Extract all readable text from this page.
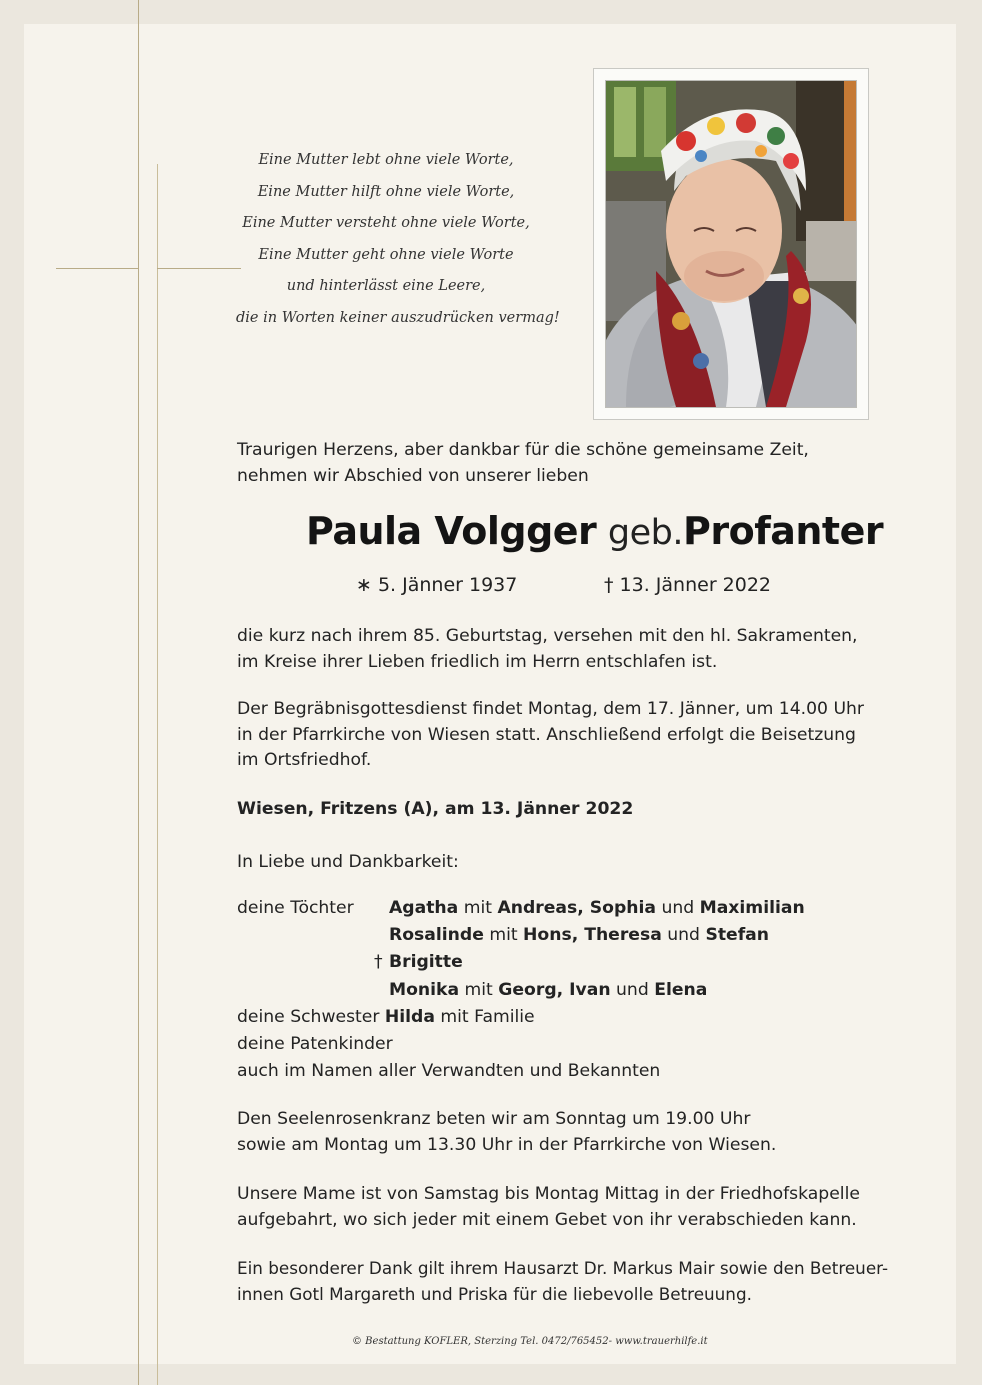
Eine Mutter lebt ohne viele Worte,
Eine Mutter hilft ohne viele Worte,
Eine Mutter versteht ohne viele Worte,
Eine Mutter geht ohne viele Worte
und hinterlässt eine Leere,
die in Worten keiner auszudrücken vermag!
Traurigen Herzens, aber dankbar für die schöne gemeinsame Zeit,
nehmen wir Abschied von unserer lieben
Paula Volgger geb.Profanter
∗ 5. Jänner 1937	† 13. Jänner 2022
die kurz nach ihrem 85. Geburtstag, versehen mit den hl. Sakramenten,
im Kreise ihrer Lieben friedlich im Herrn entschlafen ist.
Der Begräbnisgottesdienst findet Montag, dem 17. Jänner, um 14.00 Uhr
in der Pfarrkirche von Wiesen statt. Anschließend erfolgt die Beisetzung
im Ortsfriedhof.
Wiesen, Fritzens (A), am 13. Jänner 2022
In Liebe und Dankbarkeit:
deine Töchter Agatha mit Andreas, Sophia und Maximilian
Rosalinde mit Hons, Theresa und Stefan
† Brigitte
Monika mit Georg, Ivan und Elena
deine Schwester Hilda mit Familie
deine Patenkinder
auch im Namen aller Verwandten und Bekannten
Den Seelenrosenkranz beten wir am Sonntag um 19.00 Uhr
sowie am Montag um 13.30 Uhr in der Pfarrkirche von Wiesen.
Unsere Mame ist von Samstag bis Montag Mittag in der Friedhofskapelle
aufgebahrt, wo sich jeder mit einem Gebet von ihr verabschieden kann.
Ein besonderer Dank gilt ihrem Hausarzt Dr. Markus Mair sowie den Betreuer-
innen Gotl Margareth und Priska für die liebevolle Betreuung.
© Bestattung KOFLER, Sterzing Tel. 0472/765452- www.trauerhilfe.it
